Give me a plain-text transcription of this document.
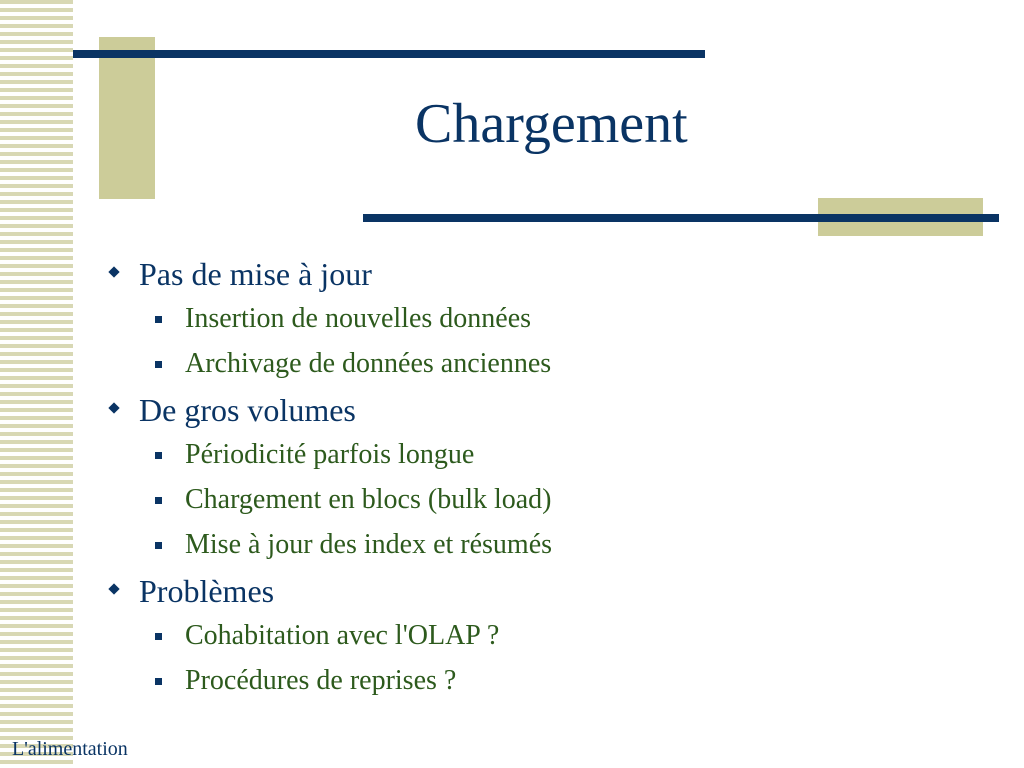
Chargement
Pas de mise à jour
Insertion de nouvelles données
Archivage de données anciennes
De gros volumes
Périodicité parfois longue
Chargement en blocs (bulk load)
Mise à jour des index et résumés
Problèmes
Cohabitation avec l'OLAP ?
Procédures de reprises ?
L'alimentation
